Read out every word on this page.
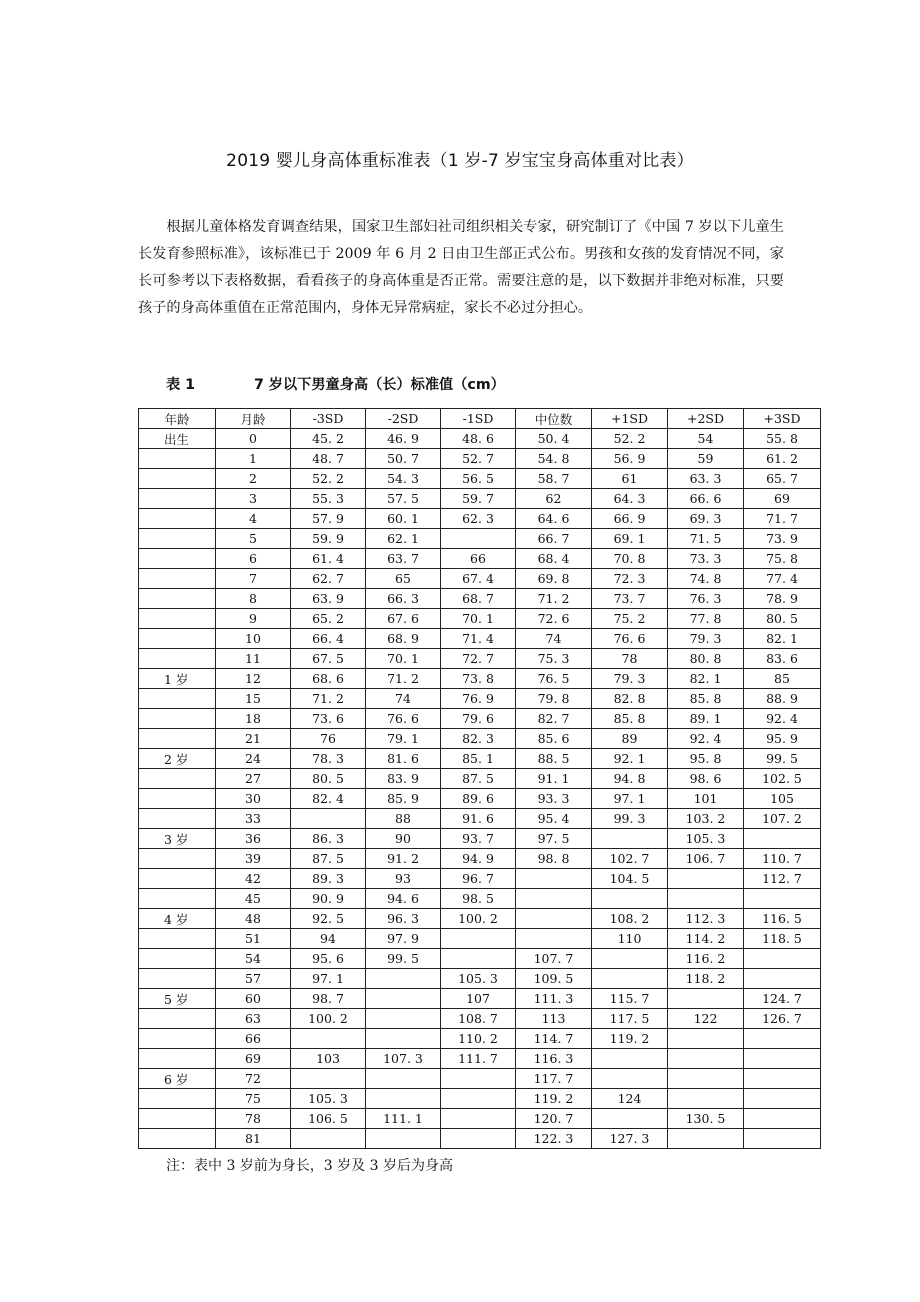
2019 婴儿身高体重标准表（1 岁-7 岁宝宝身高体重对比表）

根据儿童体格发育调查结果，国家卫生部妇社司组织相关专家，研究制订了《中国 7 岁以下儿童生长发育参照标准》，该标准已于 2009 年 6 月 2 日由卫生部正式公布。男孩和女孩的发育情况不同，家长可参考以下表格数据，看看孩子的身高体重是否正常。需要注意的是，以下数据并非绝对标准，只要孩子的身高体重值在正常范围内，身体无异常病症，家长不必过分担心。

表 1	7 岁以下男童身高（长）标准值（cm）
年龄	月龄	-3SD	-2SD	-1SD	中位数	+1SD	+2SD	+3SD
出生	0	45. 2	46. 9	48. 6	50. 4	52. 2	54	55. 8
	1	48. 7	50. 7	52. 7	54. 8	56. 9	59	61. 2
	2	52. 2	54. 3	56. 5	58. 7	61	63. 3	65. 7
	3	55. 3	57. 5	59. 7	62	64. 3	66. 6	69
	4	57. 9	60. 1	62. 3	64. 6	66. 9	69. 3	71. 7
	5	59. 9	62. 1		66. 7	69. 1	71. 5	73. 9
	6	61. 4	63. 7	66	68. 4	70. 8	73. 3	75. 8
	7	62. 7	65	67. 4	69. 8	72. 3	74. 8	77. 4
	8	63. 9	66. 3	68. 7	71. 2	73. 7	76. 3	78. 9
	9	65. 2	67. 6	70. 1	72. 6	75. 2	77. 8	80. 5
	10	66. 4	68. 9	71. 4	74	76. 6	79. 3	82. 1
	11	67. 5	70. 1	72. 7	75. 3	78	80. 8	83. 6
1 岁	12	68. 6	71. 2	73. 8	76. 5	79. 3	82. 1	85
	15	71. 2	74	76. 9	79. 8	82. 8	85. 8	88. 9
	18	73. 6	76. 6	79. 6	82. 7	85. 8	89. 1	92. 4
	21	76	79. 1	82. 3	85. 6	89	92. 4	95. 9
2 岁	24	78. 3	81. 6	85. 1	88. 5	92. 1	95. 8	99. 5
	27	80. 5	83. 9	87. 5	91. 1	94. 8	98. 6	102. 5
	30	82. 4	85. 9	89. 6	93. 3	97. 1	101	105
	33		88	91. 6	95. 4	99. 3	103. 2	107. 2
3 岁	36	86. 3	90	93. 7	97. 5		105. 3	
	39	87. 5	91. 2	94. 9	98. 8	102. 7	106. 7	110. 7
	42	89. 3	93	96. 7		104. 5		112. 7
	45	90. 9	94. 6	98. 5				
4 岁	48	92. 5	96. 3	100. 2		108. 2	112. 3	116. 5
	51	94	97. 9			110	114. 2	118. 5
	54	95. 6	99. 5		107. 7		116. 2	
	57	97. 1		105. 3	109. 5		118. 2	
5 岁	60	98. 7		107	111. 3	115. 7		124. 7
	63	100. 2		108. 7	113	117. 5	122	126. 7
	66			110. 2	114. 7	119. 2		
	69	103	107. 3	111. 7	116. 3			
6 岁	72				117. 7			
	75	105. 3			119. 2	124		
	78	106. 5	111. 1		120. 7		130. 5	
	81				122. 3	127. 3		
注：表中 3 岁前为身长，3 岁及 3 岁后为身高
